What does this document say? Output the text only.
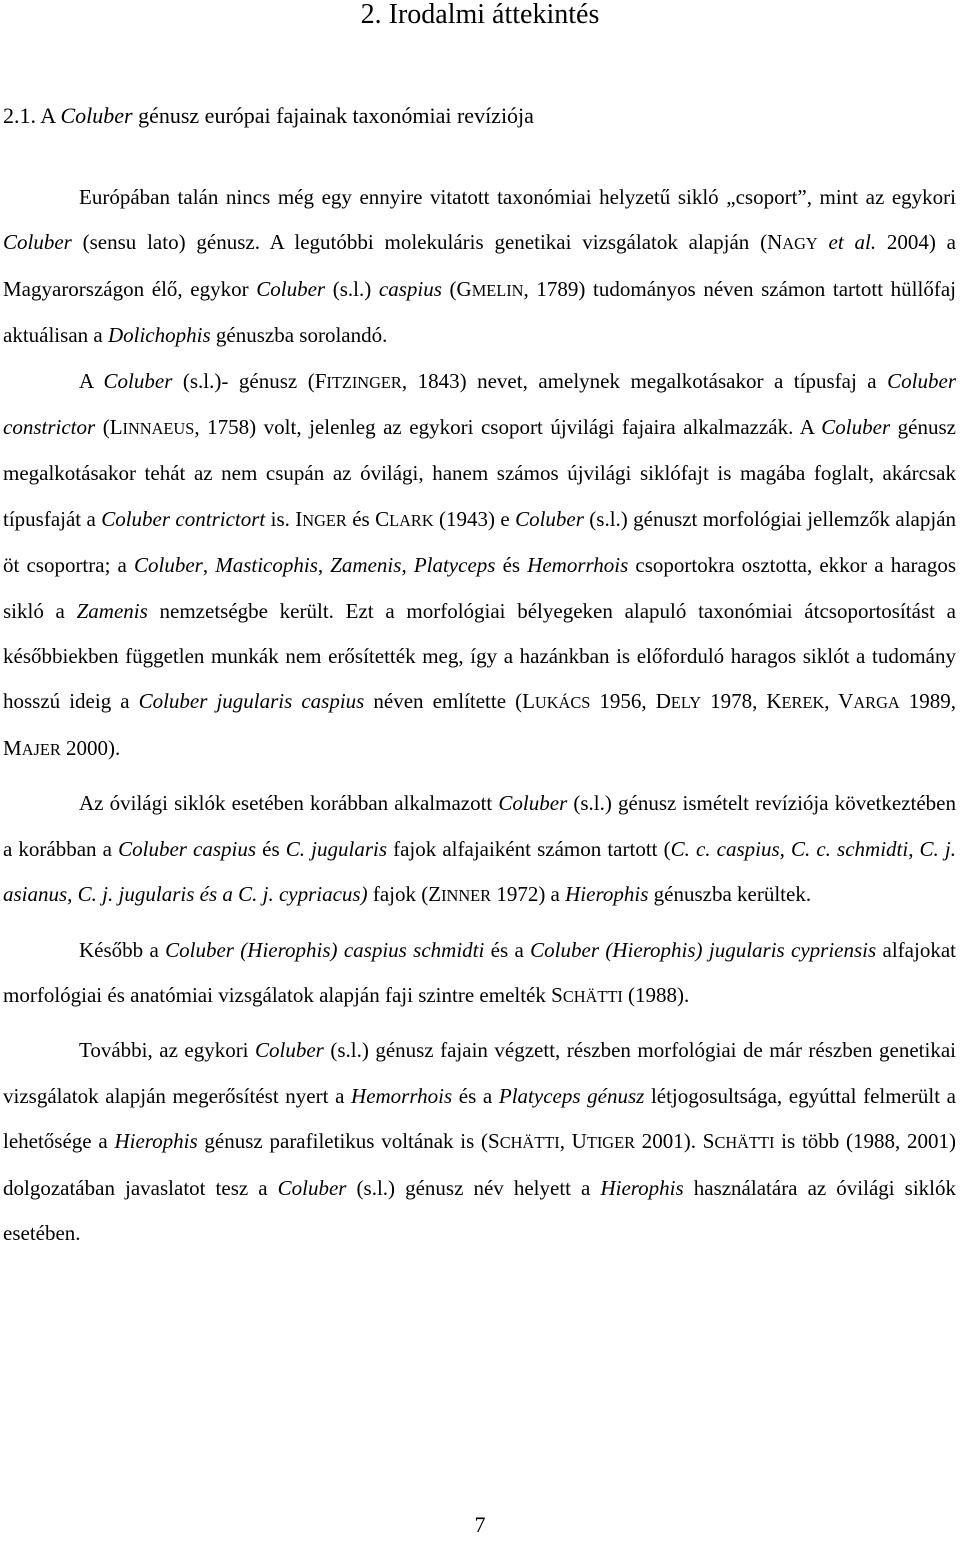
2. Irodalmi áttekintés
2.1. A Coluber génusz európai fajainak taxonómiai revíziója

Európában talán nincs még egy ennyire vitatott taxonómiai helyzetű sikló „csoport”, mint az egykori Coluber (sensu lato) génusz. A legutóbbi molekuláris genetikai vizsgálatok alapján (NAGY et al. 2004) a Magyarországon élő, egykor Coluber (s.l.) caspius (GMELIN, 1789) tudományos néven számon tartott hüllőfaj aktuálisan a Dolichophis génuszba sorolandó.

A Coluber (s.l.)- génusz (FITZINGER, 1843) nevet, amelynek megalkotásakor a típusfaj a Coluber constrictor (LINNAEUS, 1758) volt, jelenleg az egykori csoport újvilági fajaira alkalmazzák. A Coluber génusz megalkotásakor tehát az nem csupán az óvilági, hanem számos újvilági siklófajt is magába foglalt, akárcsak típusfaját a Coluber contrictort is. INGER és CLARK (1943) e Coluber (s.l.) génuszt morfológiai jellemzők alapján öt csoportra; a Coluber, Masticophis, Zamenis, Platyceps és Hemorrhois csoportokra osztotta, ekkor a haragos sikló a Zamenis nemzetségbe került. Ezt a morfológiai bélyegeken alapuló taxonómiai átcsoportosítást a későbbiekben független munkák nem erősítették meg, így a hazánkban is előforduló haragos siklót a tudomány hosszú ideig a Coluber jugularis caspius néven említette (LUKÁCS 1956, DELY 1978, KEREK, VARGA 1989, MAJER 2000).

Az óvilági siklók esetében korábban alkalmazott Coluber (s.l.) génusz ismételt revíziója következtében a korábban a Coluber caspius és C. jugularis fajok alfajaiként számon tartott (C. c. caspius, C. c. schmidti, C. j. asianus, C. j. jugularis és a C. j. cypriacus) fajok (ZINNER 1972) a Hierophis génuszba kerültek.

Később a Coluber (Hierophis) caspius schmidti és a Coluber (Hierophis) jugularis cypriensis alfajokat morfológiai és anatómiai vizsgálatok alapján faji szintre emelték SCHÄTTI (1988).

További, az egykori Coluber (s.l.) génusz fajain végzett, részben morfológiai de már részben genetikai vizsgálatok alapján megerősítést nyert a Hemorrhois és a Platyceps génusz létjogosultsága, egyúttal felmerült a lehetősége a Hierophis génusz parafiletikus voltának is (SCHÄTTI, UTIGER 2001). SCHÄTTI is több (1988, 2001) dolgozatában javaslatot tesz a Coluber (s.l.) génusz név helyett a Hierophis használatára az óvilági siklók esetében.

7
